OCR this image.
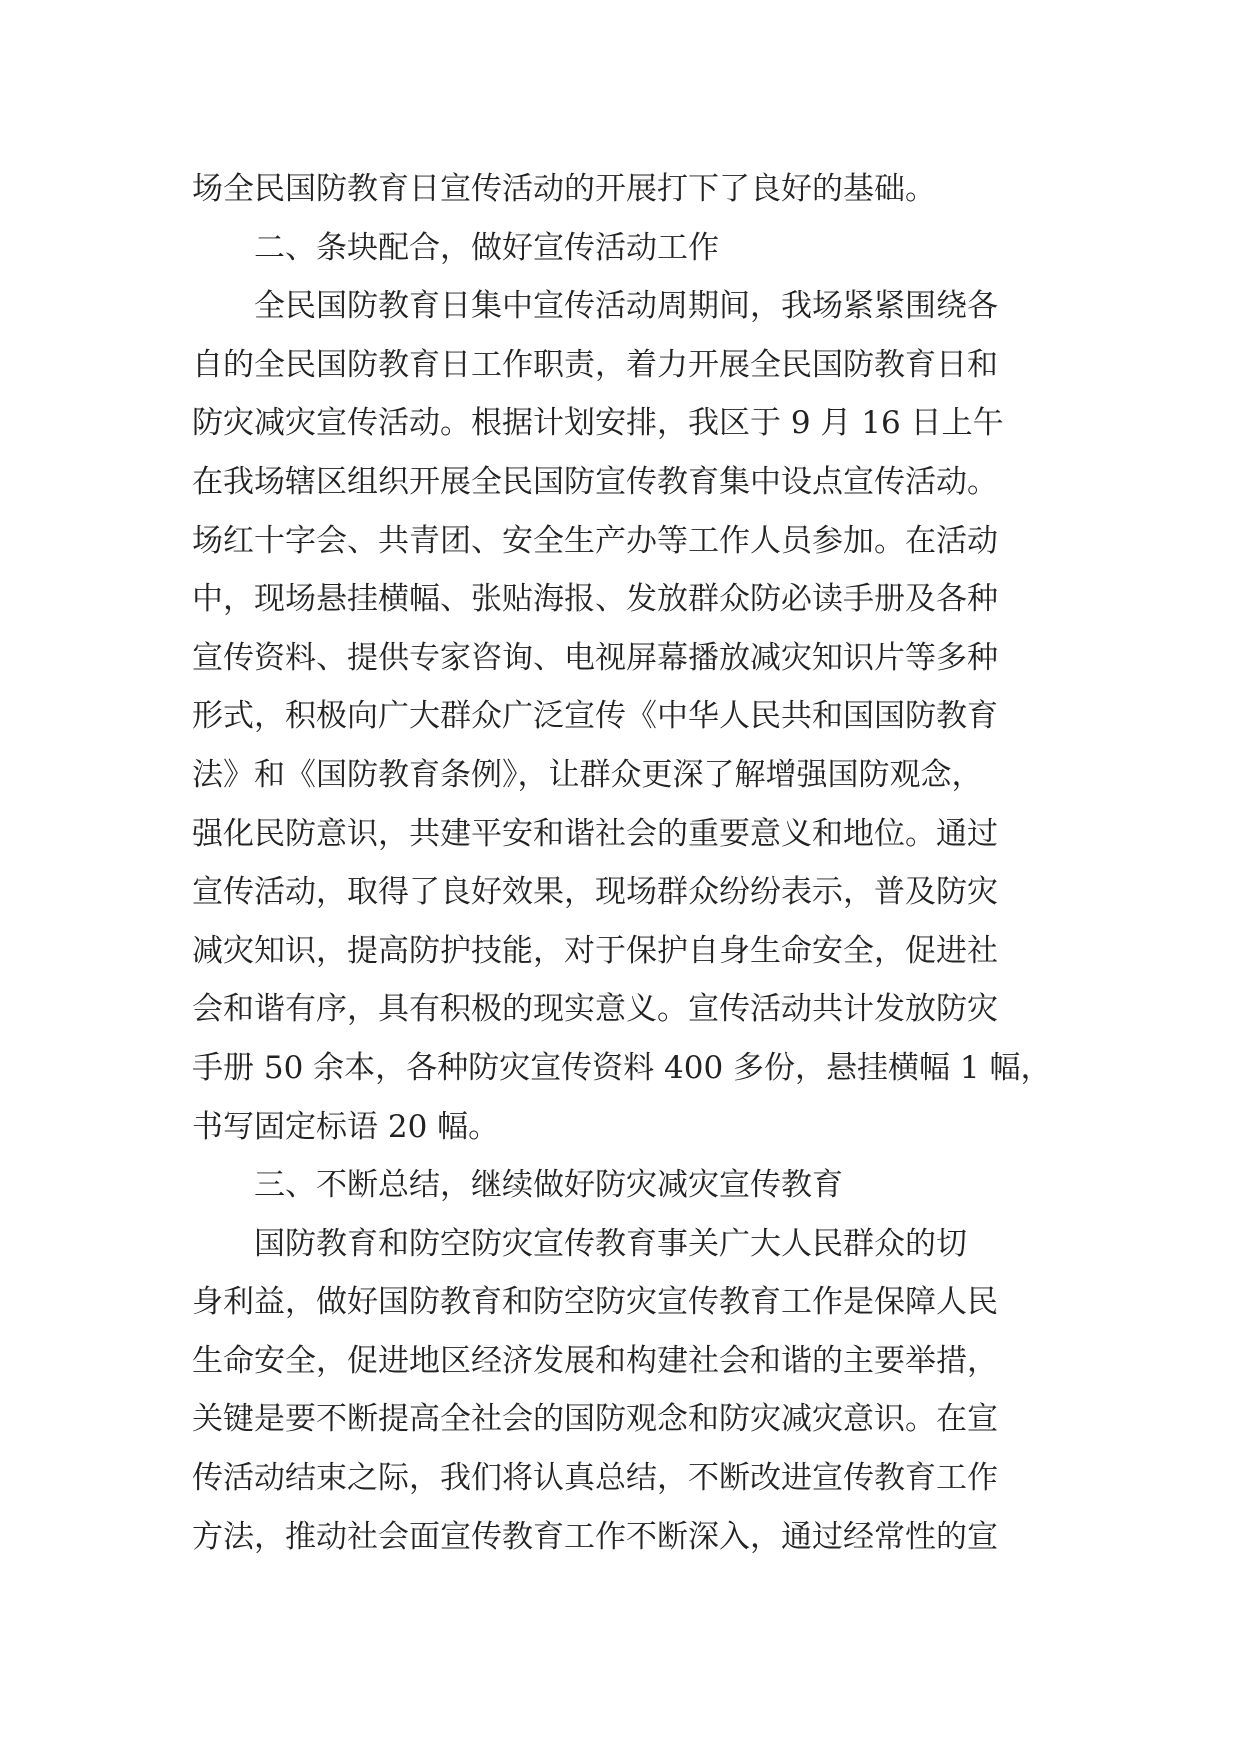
场全民国防教育日宣传活动的开展打下了良好的基础。
二、条块配合，做好宣传活动工作
全民国防教育日集中宣传活动周期间，我场紧紧围绕各
自的全民国防教育日工作职责，着力开展全民国防教育日和
防灾减灾宣传活动。根据计划安排，我区于 9 月 16 日上午
在我场辖区组织开展全民国防宣传教育集中设点宣传活动。
场红十字会、共青团、安全生产办等工作人员参加。在活动
中，现场悬挂横幅、张贴海报、发放群众防必读手册及各种
宣传资料、提供专家咨询、电视屏幕播放减灾知识片等多种
形式，积极向广大群众广泛宣传《中华人民共和国国防教育
法》和《国防教育条例》，让群众更深了解增强国防观念，
强化民防意识，共建平安和谐社会的重要意义和地位。通过
宣传活动，取得了良好效果，现场群众纷纷表示，普及防灾
减灾知识，提高防护技能，对于保护自身生命安全，促进社
会和谐有序，具有积极的现实意义。宣传活动共计发放防灾
手册 50 余本，各种防灾宣传资料 400 多份，悬挂横幅 1 幅，
书写固定标语 20 幅。
三、不断总结，继续做好防灾减灾宣传教育
国防教育和防空防灾宣传教育事关广大人民群众的切
身利益，做好国防教育和防空防灾宣传教育工作是保障人民
生命安全，促进地区经济发展和构建社会和谐的主要举措，
关键是要不断提高全社会的国防观念和防灾减灾意识。在宣
传活动结束之际，我们将认真总结，不断改进宣传教育工作
方法，推动社会面宣传教育工作不断深入，通过经常性的宣
